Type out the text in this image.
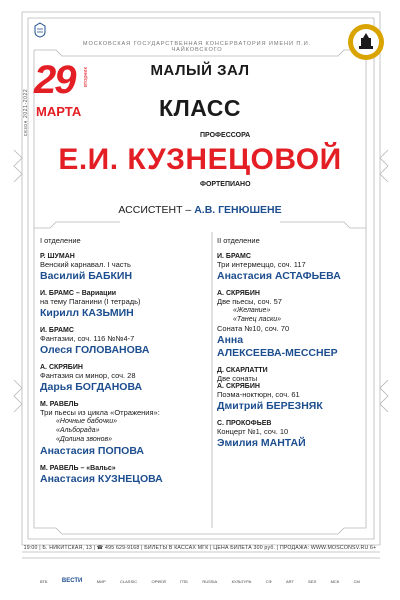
МОСКОВСКАЯ ГОСУДАРСТВЕННАЯ КОНСЕРВАТОРИЯ ИМЕНИ П.И. ЧАЙКОВСКОГО
сезон 2021-2022
29 вторник
МАРТА
МАЛЫЙ ЗАЛ
КЛАСС
ПРОФЕССОРА
Е.И. КУЗНЕЦОВОЙ
ФОРТЕПИАНО
АССИСТЕНТ – А.В. ГЕНЮШЕНЕ
I отделение
Р. ШУМАН
Венский карнавал. I часть
Василий БАБКИН
И. БРАМС – Вариации
на тему Паганини (I тетрадь)
Кирилл КАЗЬМИН
И. БРАМС
Фантазии, соч. 116 №№4-7
Олеся ГОЛОВАНОВА
А. СКРЯБИН
Фантазия си минор, соч. 28
Дарья БОГДАНОВА
М. РАВЕЛЬ
Три пьесы из цикла «Отражения»:
«Ночные бабочки»
«Альборада»
«Долина звонов»
Анастасия ПОПОВА
М. РАВЕЛЬ – «Вальс»
Анастасия КУЗНЕЦОВА
II отделение
И. БРАМС
Три интермеццо, соч. 117
Анастасия АСТАФЬЕВА
А. СКРЯБИН
Две пьесы, соч. 57
«Желание»
«Танец ласки»
Соната №10, соч. 70
Анна
АЛЕКСЕЕВА-МЕССНЕР
Д. СКАРЛАТТИ
Две сонаты
А. СКРЯБИН
Поэма-ноктюрн, соч. 61
Дмитрий БЕРЕЗНЯК
С. ПРОКОФЬЕВ
Концерт №1, соч. 10
Эмилия МАНТАЙ
19:00 | Б. НИКИТСКАЯ, 13 | ☎ 495 629-9168 | БИЛЕТЫ В КАССАХ МГК | ЦЕНА БИЛЕТА 300 руб. | ПРОДАЖА: WWW.MOSCONSV.RU 6+
ВТБ ВЕСТИ	МИР	CLASSIC	ОРФЕЙ	ГПБ	RUSSIA	КУЛЬТУРА	СФ	ART	БЕЛ	МСК	CM
